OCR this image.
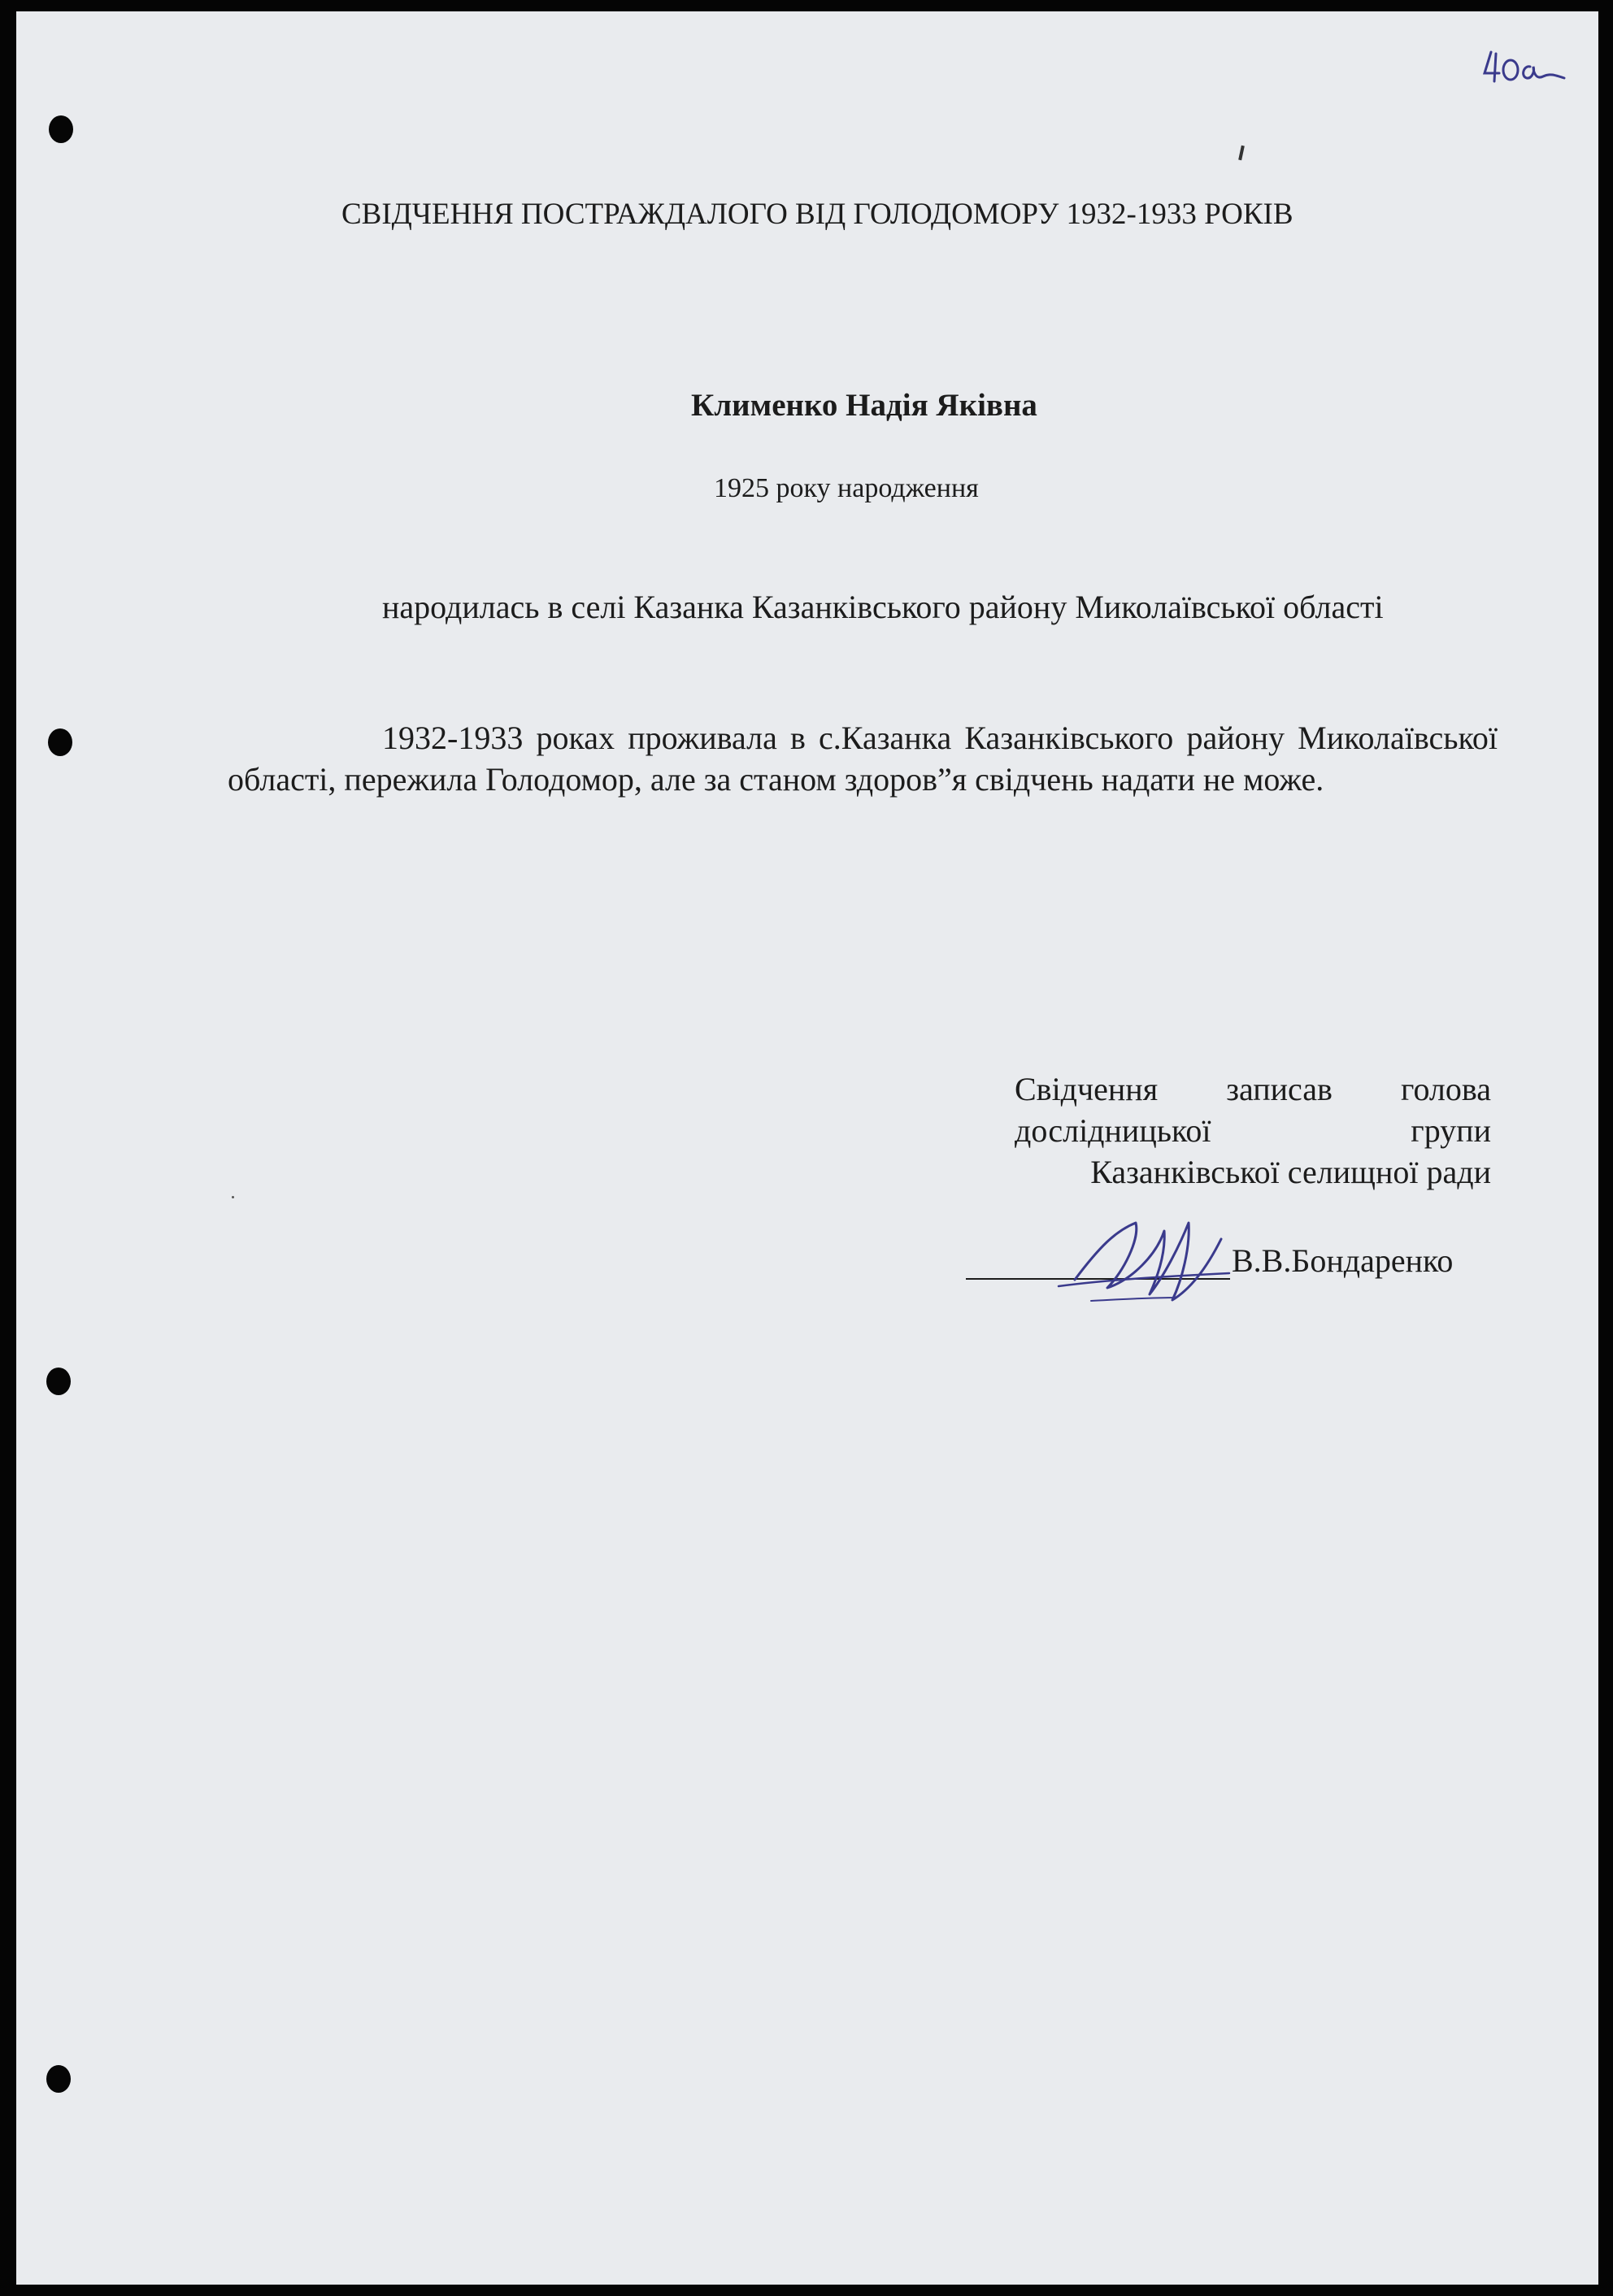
СВІДЧЕННЯ ПОСТРАЖДАЛОГО ВІД ГОЛОДОМОРУ 1932-1933 РОКІВ
Клименко Надія Яківна
1925 року народження
народилась в селі Казанка Казанківського району Миколаївської області
1932-1933 роках проживала в с.Казанка Казанківського району Миколаївської області, пережила Голодомор, але за станом здоров”я свідчень надати не може.
Свідчення записав голова
дослідницької групи
Казанківської селищної ради
В.В.Бондаренко
